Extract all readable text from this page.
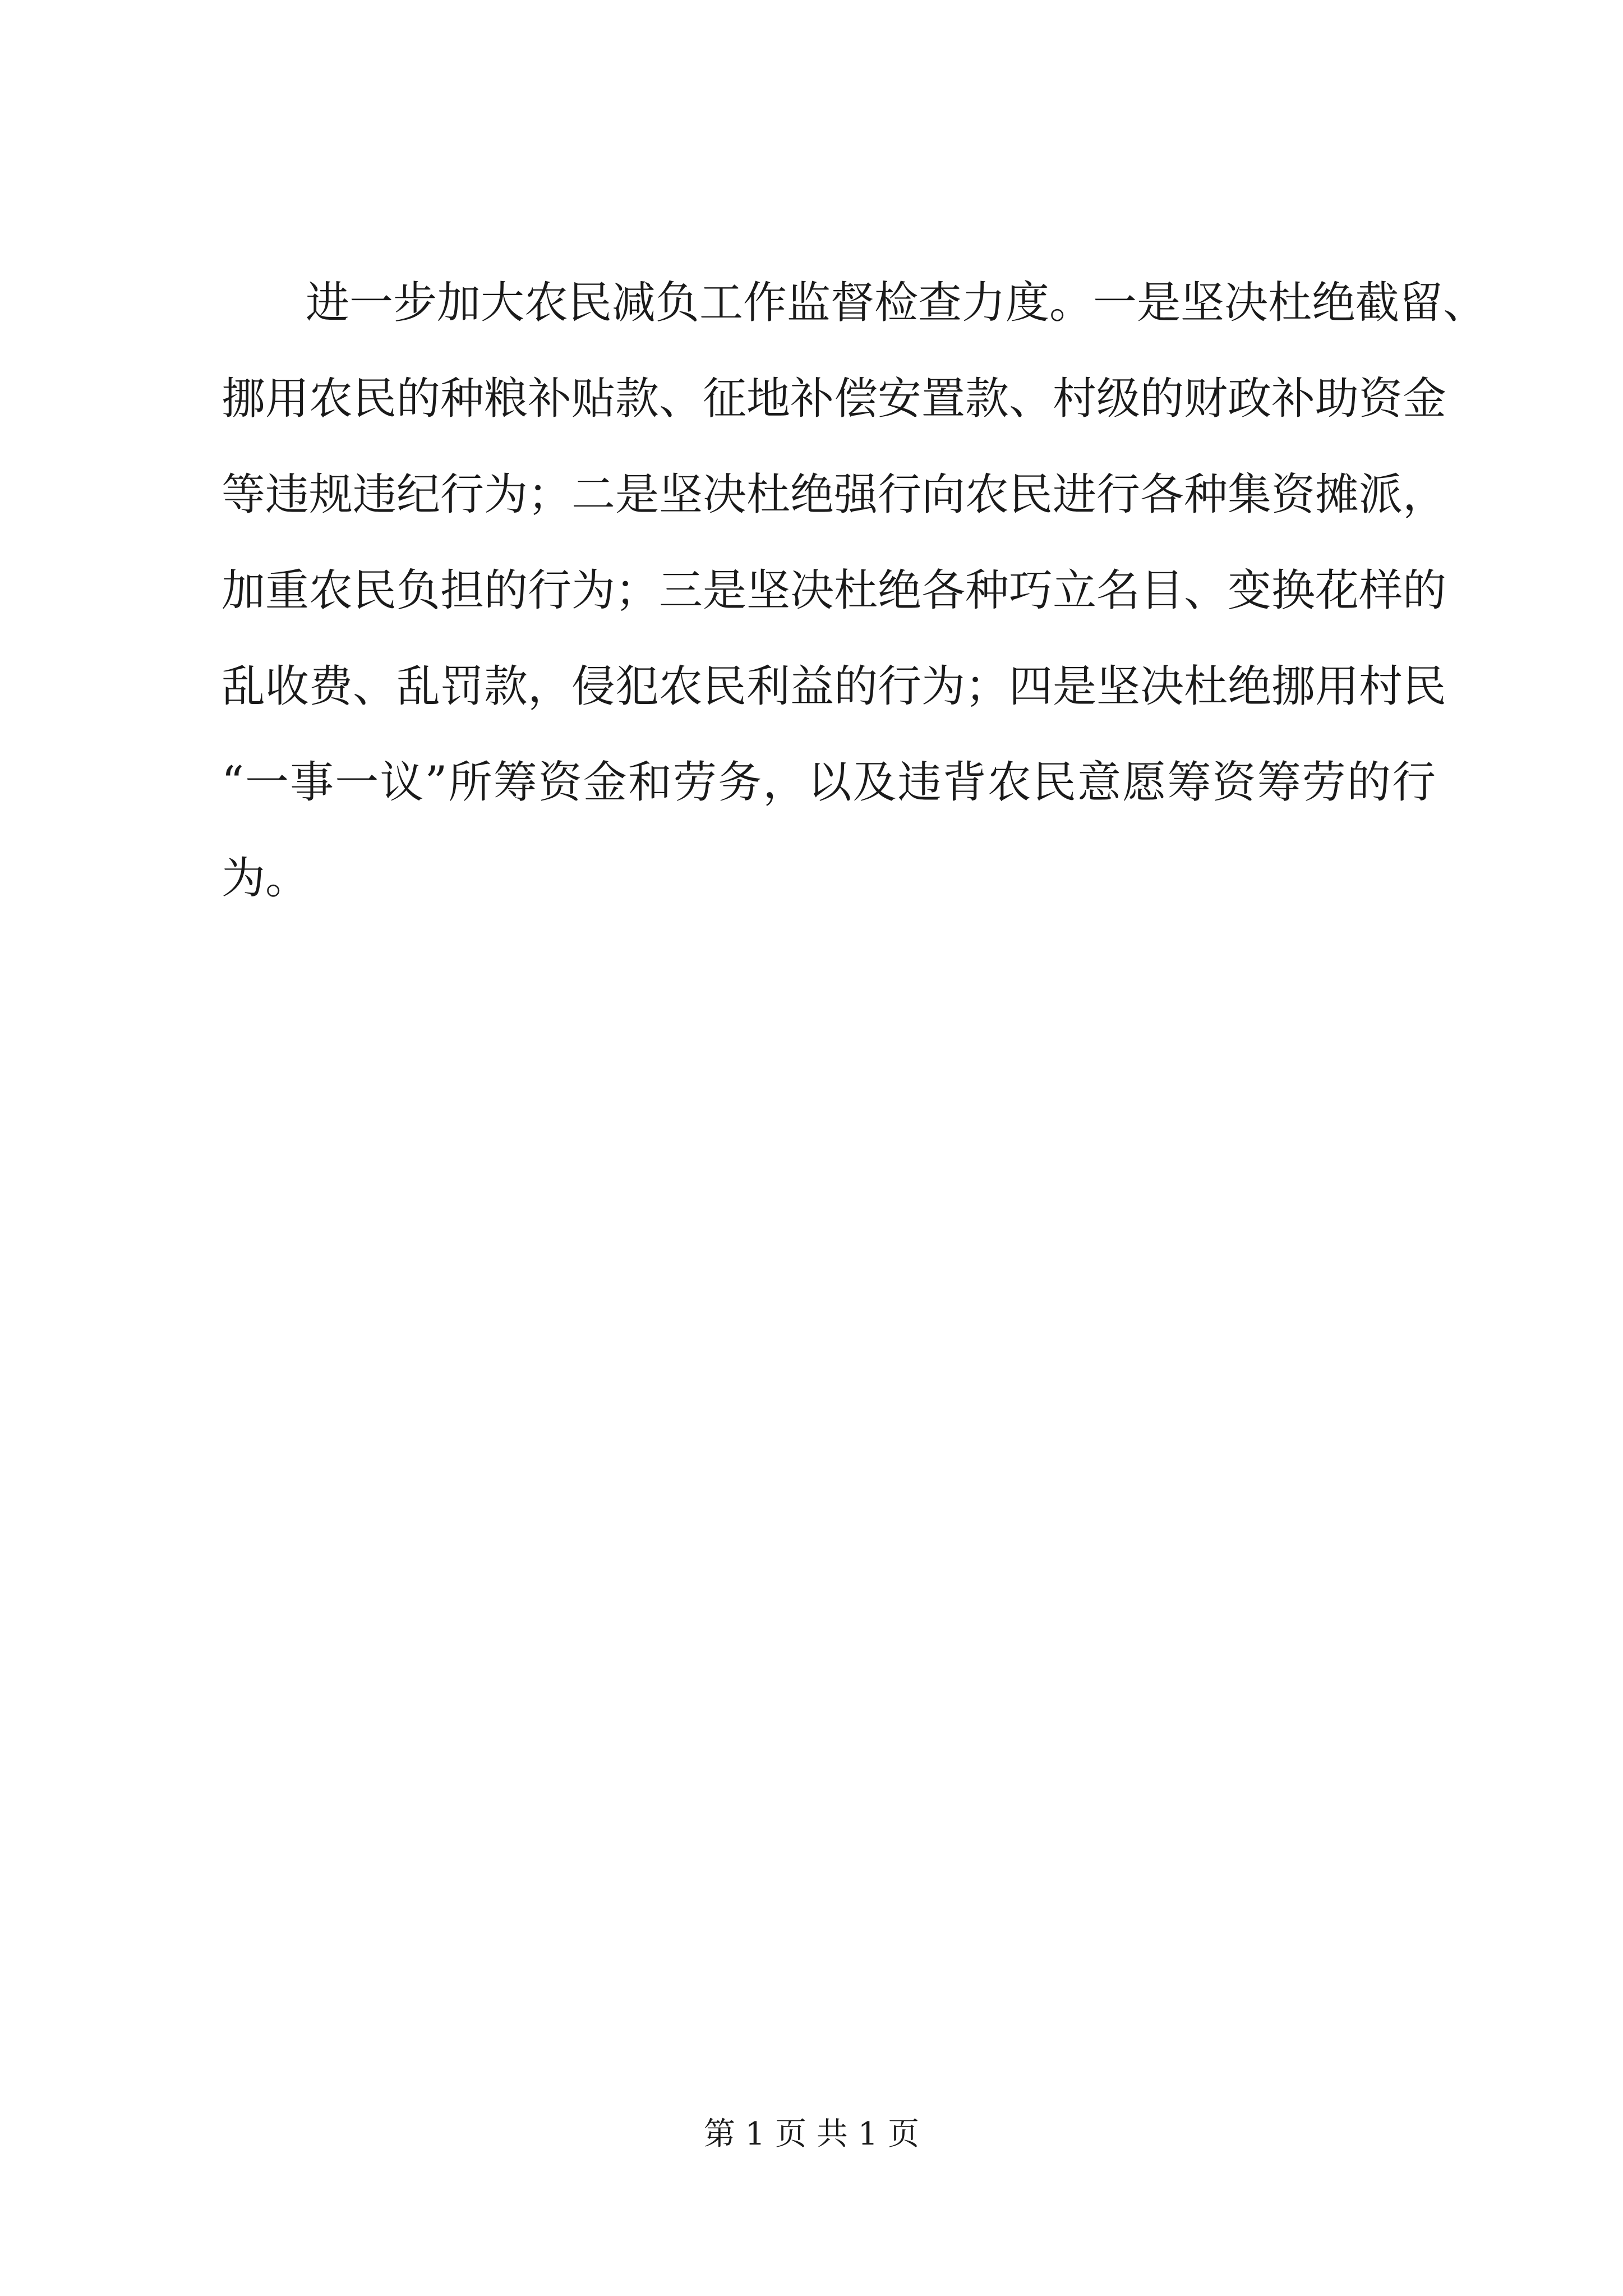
进一步加大农民减负工作监督检查力度。一是坚决杜绝截留、
挪用农民的种粮补贴款、征地补偿安置款、村级的财政补助资金
等违规违纪行为；二是坚决杜绝强行向农民进行各种集资摊派，
加重农民负担的行为；三是坚决杜绝各种巧立名目、变换花样的
乱收费、乱罚款，侵犯农民利益的行为；四是坚决杜绝挪用村民
“一事一议”所筹资金和劳务，以及违背农民意愿筹资筹劳的行
为。
第 1 页 共 1 页
